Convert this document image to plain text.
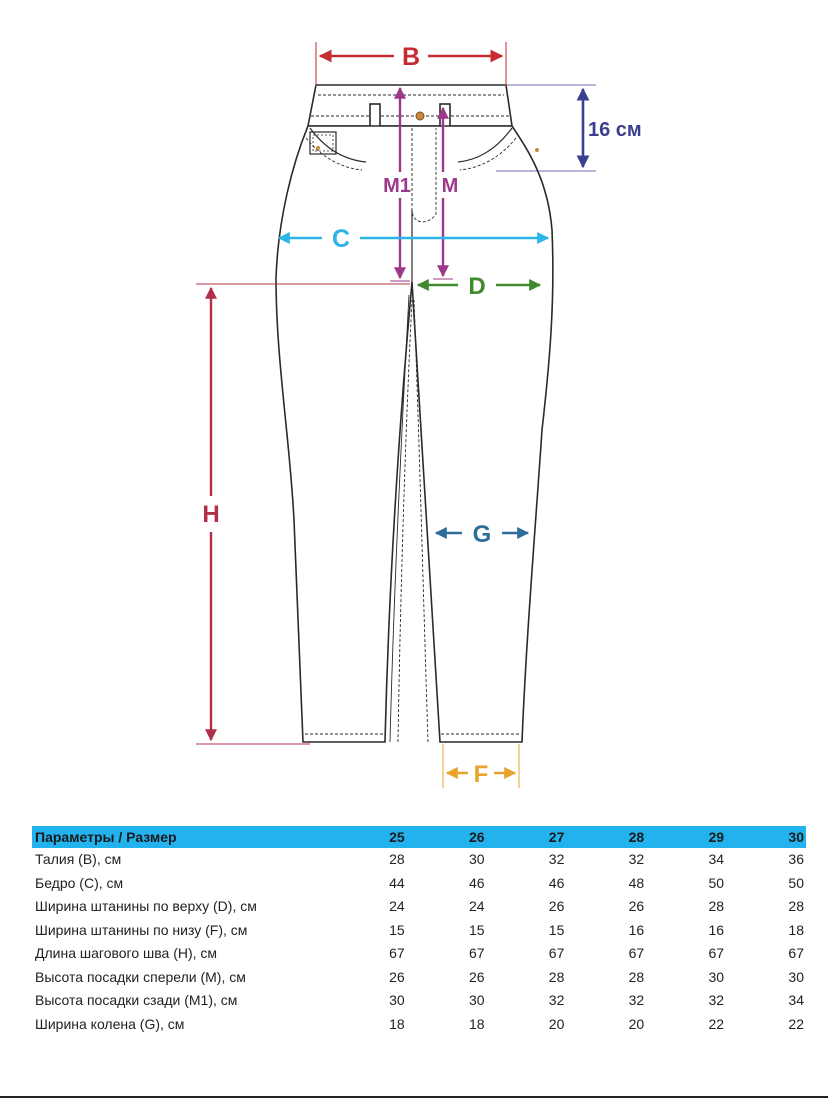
B
16 см
M1 M
C
D
H
G
F
Параметры / Размер	25	26	27	28	29	30
Талия (B), см	28	30	32	32	34	36
Бедро (C), см	44	46	46	48	50	50
Ширина штанины по верху (D), см	24	24	26	26	28	28
Ширина штанины по низу (F), см	15	15	15	16	16	18
Длина шагового шва (H), см	67	67	67	67	67	67
Высота посадки сперели (M), см	26	26	28	28	30	30
Высота посадки сзади (M1), см	30	30	32	32	32	34
Ширина колена (G), см	18	18	20	20	22	22
